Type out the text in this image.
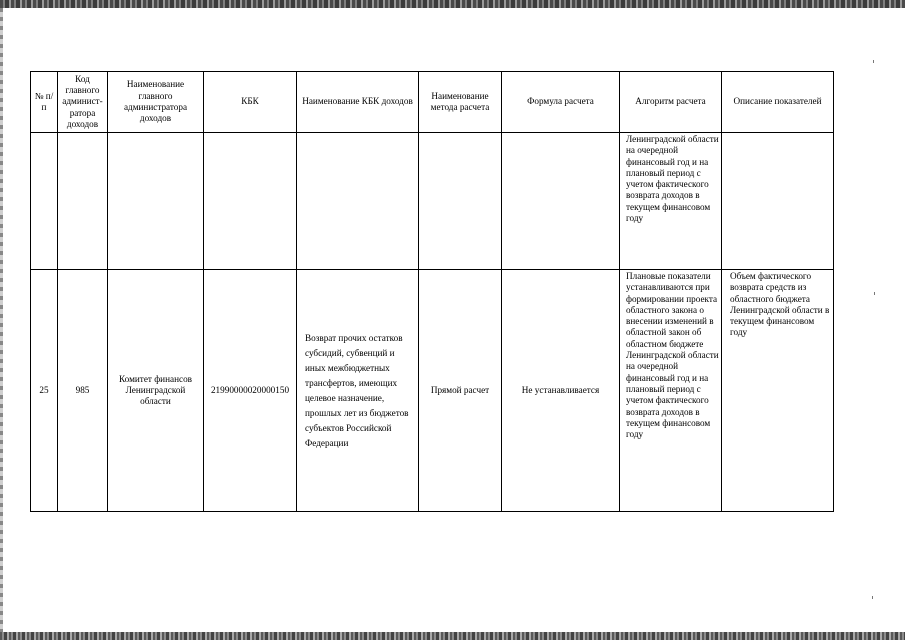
№ п/п	Код главного админист-ратора доходов	Наименование главного администратора доходов	КБК	Наименование КБК доходов	Наименование метода расчета	Формула расчета	Алгоритм расчета	Описание показателей
							Ленинградской области на очередной финансовый год и на плановый период с учетом фактического возврата доходов в текущем финансовом году	
25	985	Комитет финансов Ленинградской области	21990000020000150	Возврат прочих остатков субсидий, субвенций и иных межбюджетных трансфертов, имеющих целевое назначение, прошлых лет из бюджетов субъектов Российской Федерации	Прямой расчет	Не устанавливается	Плановые показатели устанавливаются при формировании проекта областного закона о внесении изменений в областной закон об областном бюджете Ленинградской области на очередной финансовый год и на плановый период с учетом фактического возврата доходов в текущем финансовом году	Объем фактического возврата средств из областного бюджета Ленинградской области в текущем финансовом году
